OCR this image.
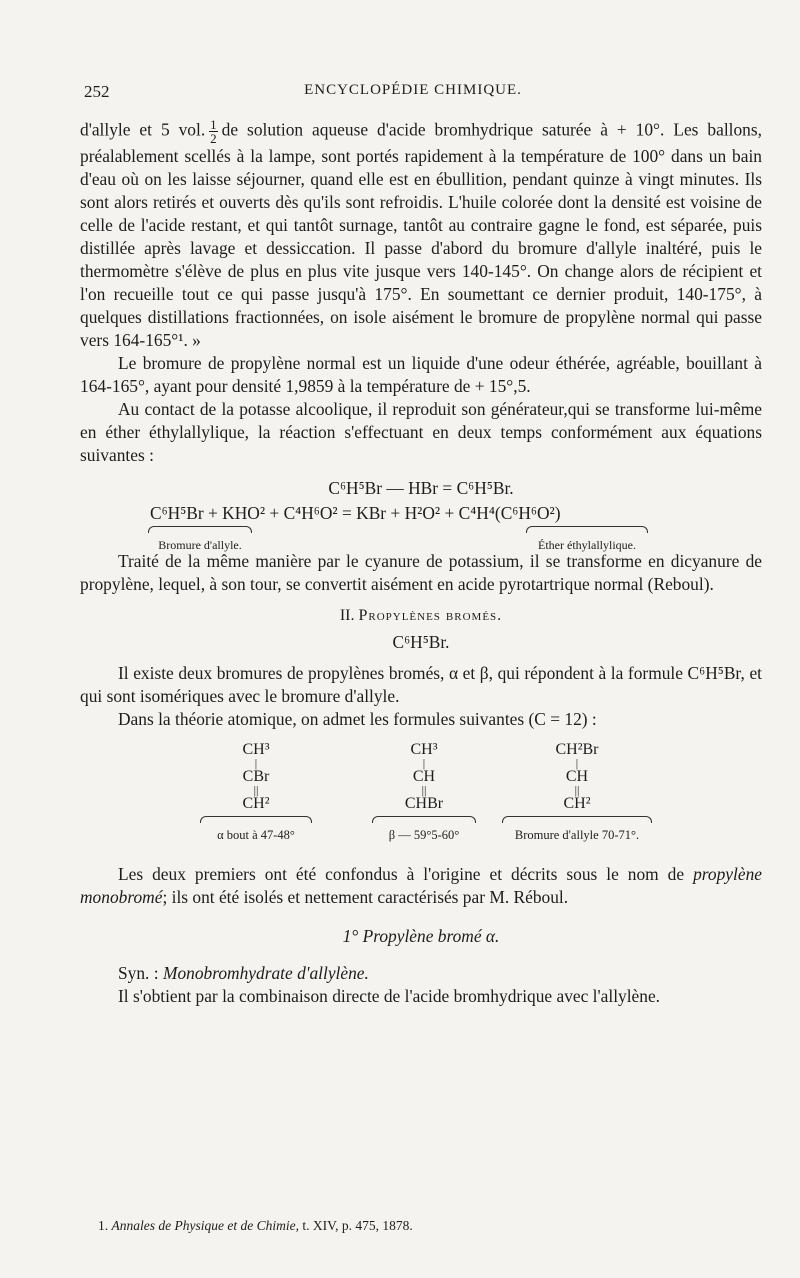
252	ENCYCLOPÉDIE CHIMIQUE.

d'allyle et 5 vol. $\frac{1}{2}$ de solution aqueuse d'acide bromhydrique saturée à + 10°. Les ballons, préalablement scellés à la lampe, sont portés rapidement à la température de 100° dans un bain d'eau où on les laisse séjourner, quand elle est en ébullition, pendant quinze à vingt minutes. Ils sont alors retirés et ouverts dès qu'ils sont refroidis. L'huile colorée dont la densité est voisine de celle de l'acide restant, et qui tantôt surnage, tantôt au contraire gagne le fond, est séparée, puis distillée après lavage et dessiccation. Il passe d'abord du bromure d'allyle inaltéré, puis le thermomètre s'élève de plus en plus vite jusque vers 140-145°. On change alors de récipient et l'on recueille tout ce qui passe jusqu'à 175°. En soumettant ce dernier produit, 140-175°, à quelques distillations fractionnées, on isole aisément le bromure de propylène normal qui passe vers 164-165°¹. »

Le bromure de propylène normal est un liquide d'une odeur éthérée, agréable, bouillant à 164-165°, ayant pour densité 1,9859 à la température de + 15°,5.

Au contact de la potasse alcoolique, il reproduit son générateur,qui se transforme lui-même en éther éthylallylique, la réaction s'effectuant en deux temps conformément aux équations suivantes :

C⁶H⁵Br — HBr = C⁶H⁵Br.
C⁶H⁵Br + KHO² + C⁴H⁶O² = KBr + H²O² + C⁴H⁴(C⁶H⁶O²)
Bromure d'allyle.	Éther éthylallylique.

Traité de la même manière par le cyanure de potassium, il se transforme en dicyanure de propylène, lequel, à son tour, se convertit aisément en acide pyrotartrique normal (Reboul).

II. Propylènes bromés.
C⁶H⁵Br.

Il existe deux bromures de propylènes bromés, α et β, qui répondent à la formule C⁶H⁵Br, et qui sont isomériques avec le bromure d'allyle.

Dans la théorie atomique, on admet les formules suivantes (C = 12) :

CH³
|
CBr
||
CH²
α bout à 47-48°
CH³
|
CH
||
CHBr
β — 59°5-60°
CH²Br
|
CH
||
CH²
Bromure d'allyle 70-71°.

Les deux premiers ont été confondus à l'origine et décrits sous le nom de propylène monobromé; ils ont été isolés et nettement caractérisés par M. Réboul.

1° Propylène bromé α.

Syn. : Monobromhydrate d'allylène.

Il s'obtient par la combinaison directe de l'acide bromhydrique avec l'allylène.

1. Annales de Physique et de Chimie, t. XIV, p. 475, 1878.
